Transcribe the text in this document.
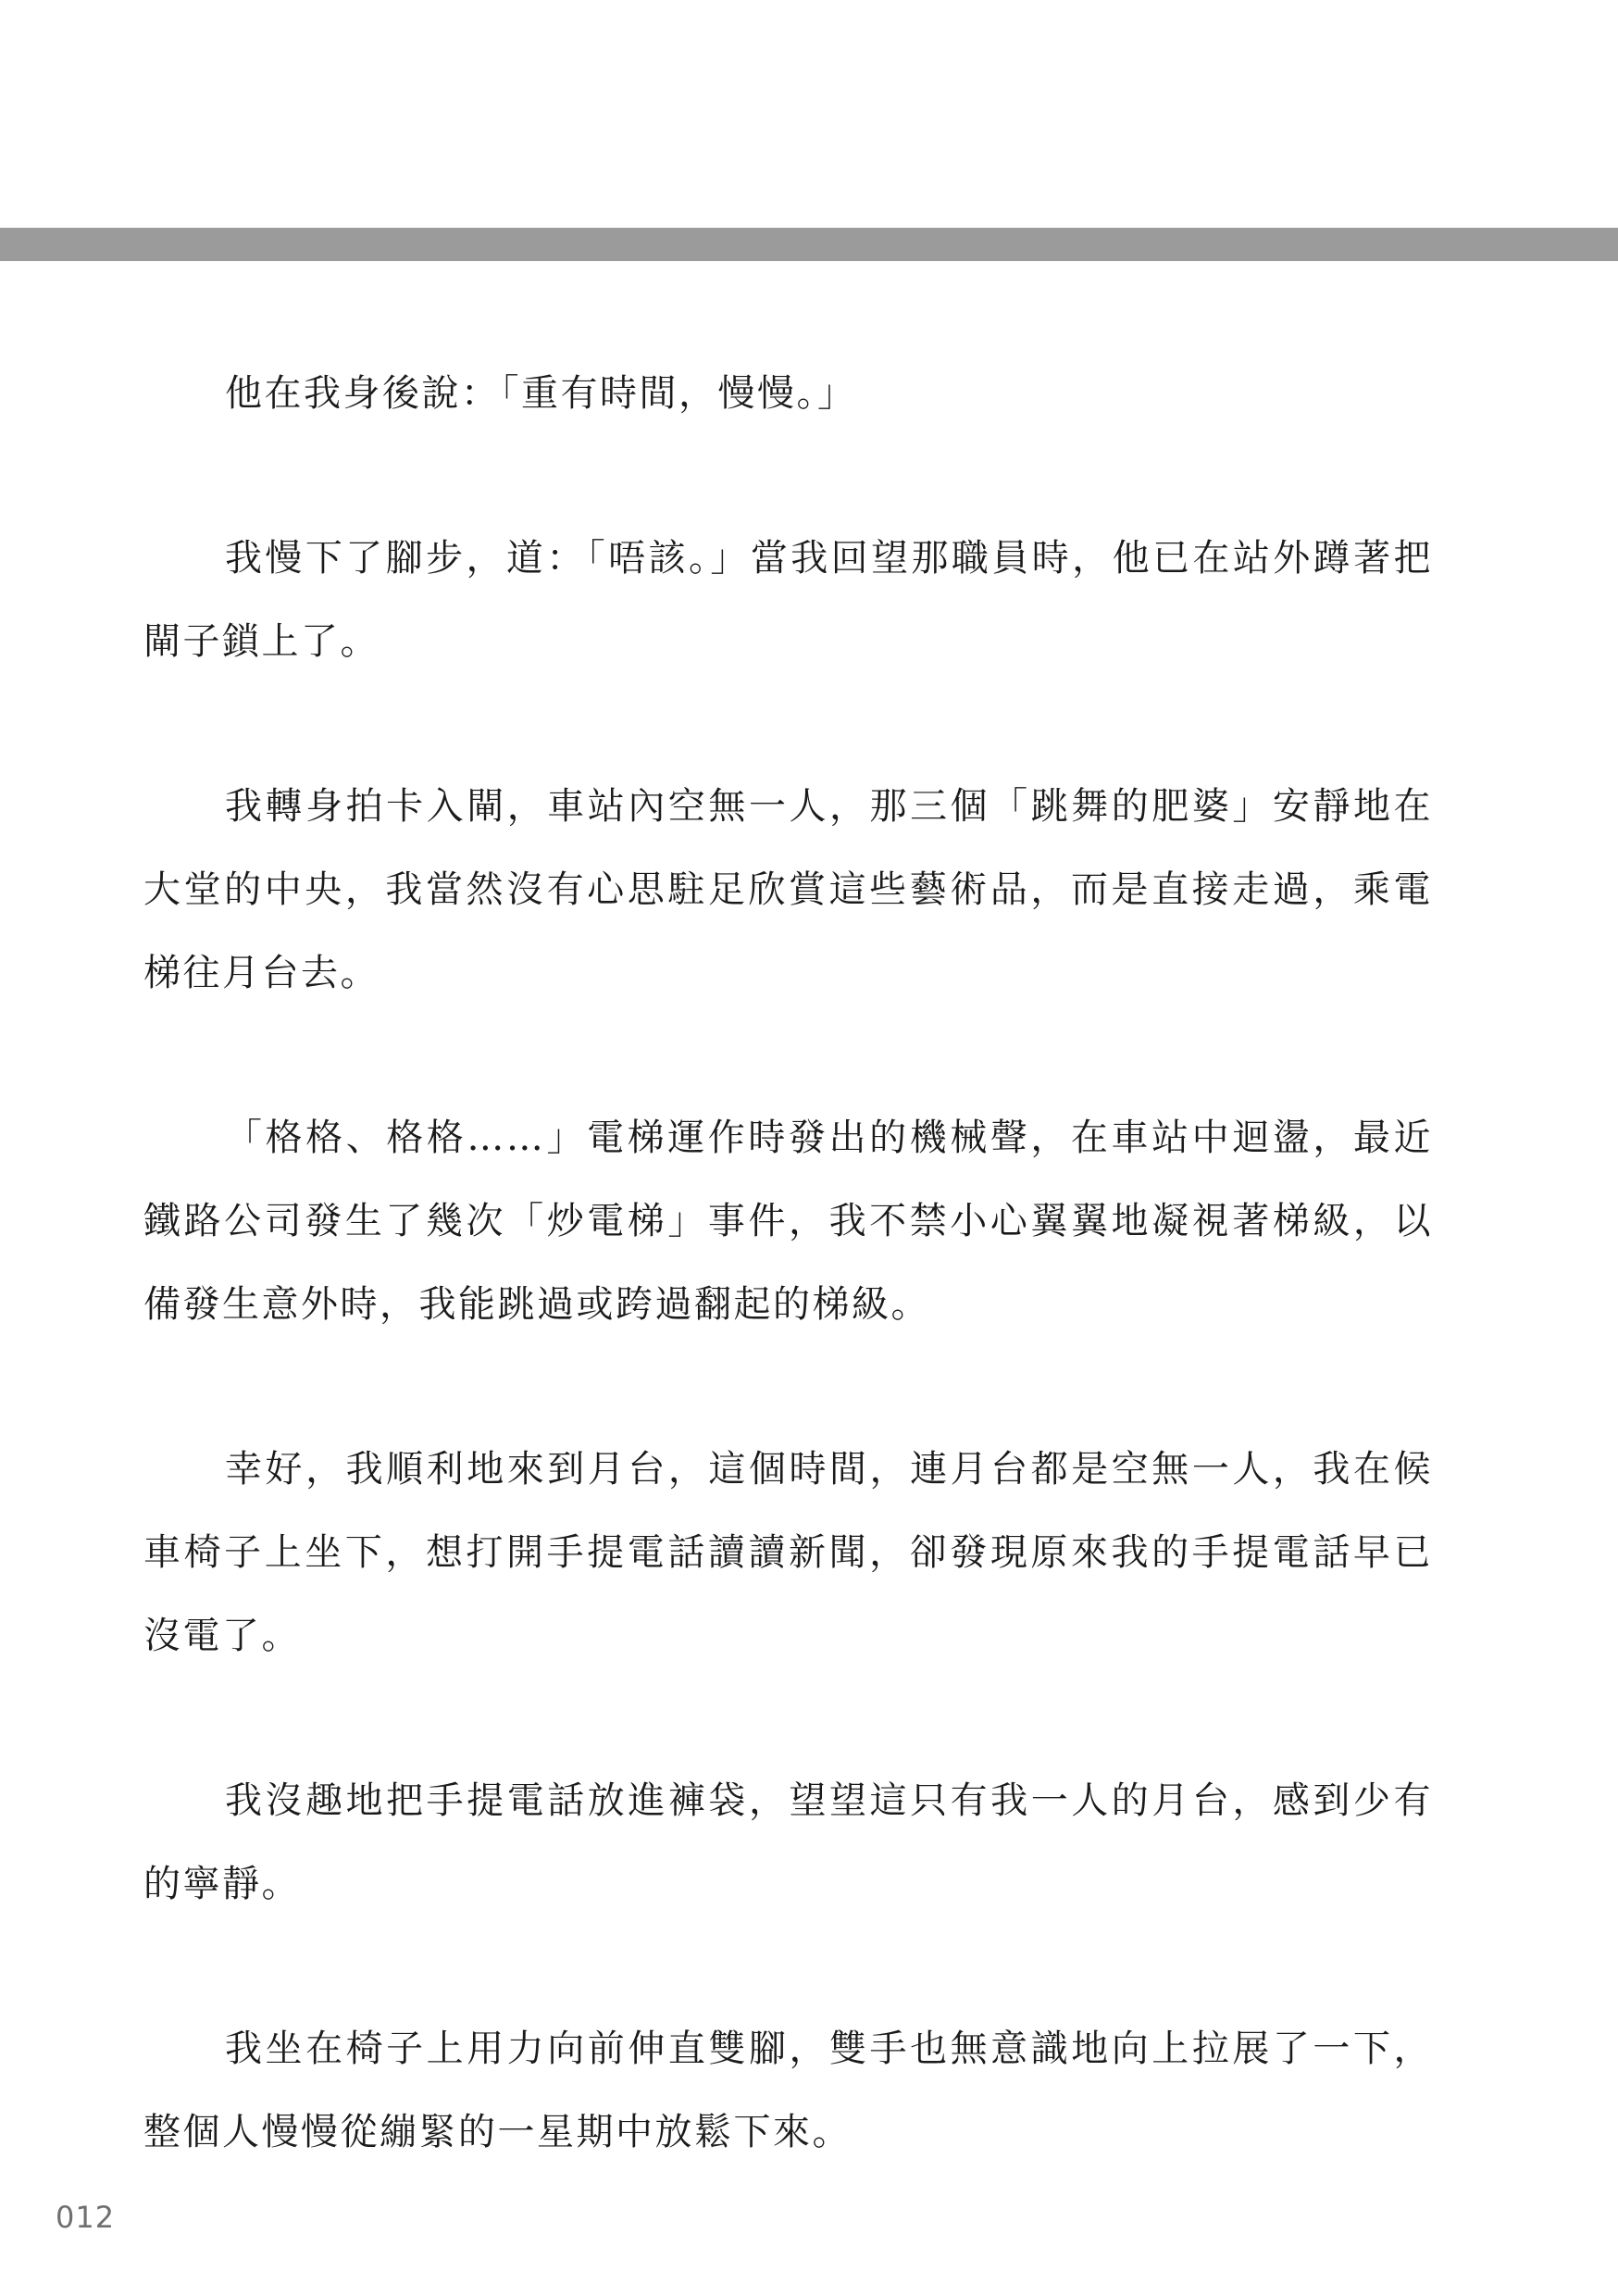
他在我身後說：「重有時間，慢慢。」

我慢下了腳步，道：「唔該。」當我回望那職員時，他已在站外蹲著把閘子鎖上了。

我轉身拍卡入閘，車站內空無一人，那三個「跳舞的肥婆」安靜地在大堂的中央，我當然沒有心思駐足欣賞這些藝術品，而是直接走過，乘電梯往月台去。

「格格、格格……」電梯運作時發出的機械聲，在車站中迴盪，最近鐵路公司發生了幾次「炒電梯」事件，我不禁小心翼翼地凝視著梯級，以備發生意外時，我能跳過或跨過翻起的梯級。

幸好，我順利地來到月台，這個時間，連月台都是空無一人，我在候車椅子上坐下，想打開手提電話讀讀新聞，卻發現原來我的手提電話早已沒電了。

我沒趣地把手提電話放進褲袋，望望這只有我一人的月台，感到少有的寧靜。

我坐在椅子上用力向前伸直雙腳，雙手也無意識地向上拉展了一下，整個人慢慢從繃緊的一星期中放鬆下來。

012
